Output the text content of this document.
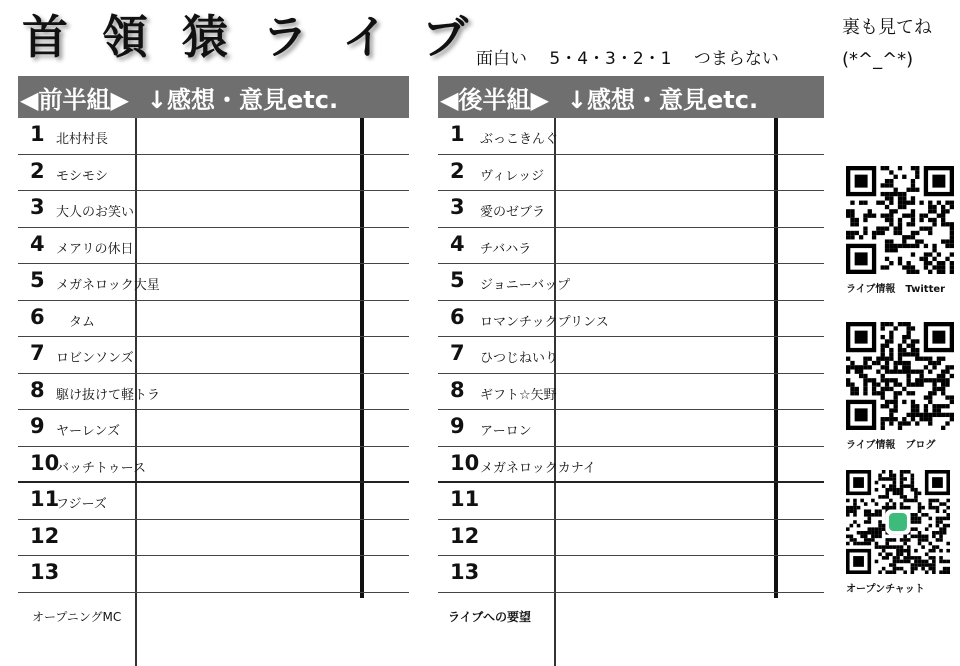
首 領 猿 ラ イ ブ 面白い　 5・4・3・2・1　 つまらない
裏も見てね
(*^_^*)
◀前半組▶ ↓感想・意見etc.
1 北村村長
2 モシモシ
3 大人のお笑い
4 メアリの休日
5 メガネロック大星
6 　タム
7 ロビンソンズ
8 駆け抜けて軽トラ
9 ヤーレンズ
10
バッチトゥース
11
フジーズ
12
13
オープニングMC
◀後半組▶ ↓感想・意見etc.
1 ぶっこきんぐ
2 ヴィレッジ
3 愛のゼブラ
4 チバハラ
5 ジョニーバップ
6 ロマンチックプリンス
7 ひつじねいり
8 ギフト☆矢野
9 アーロン
10 メガネロックカナイ
11
12
13
ライブへの要望
ライブ情報　Twitter
ライブ情報　ブログ
オープンチャット
